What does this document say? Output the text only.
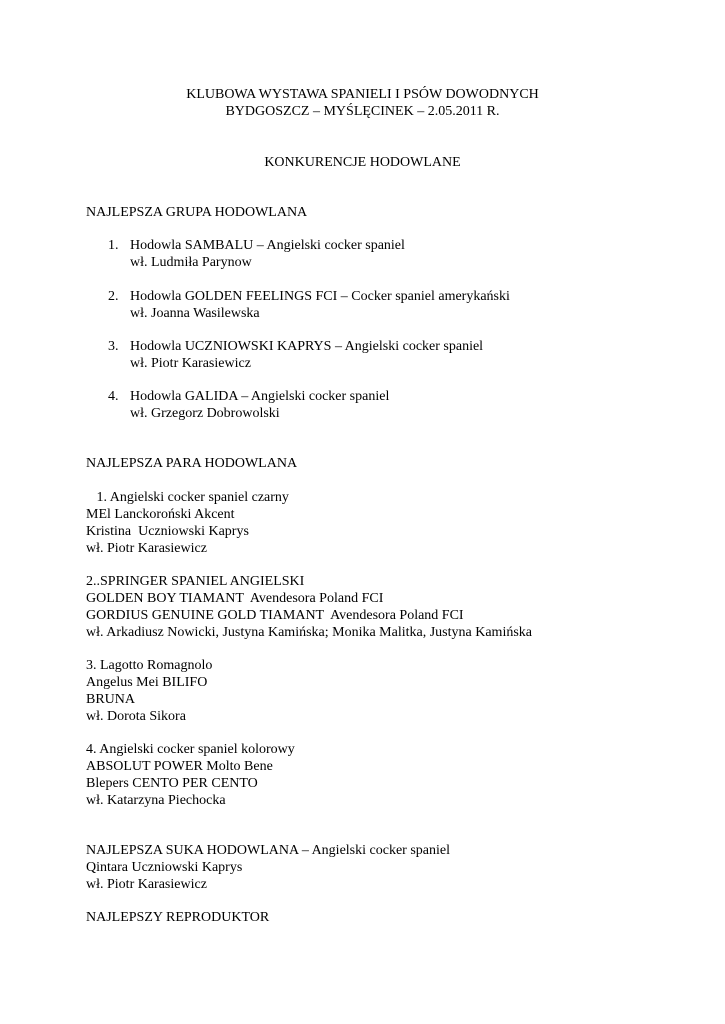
KLUBOWA WYSTAWA SPANIELI I PSÓW DOWODNYCH

BYDGOSZCZ – MYŚLĘCINEK – 2.05.2011 R.

KONKURENCJE HODOWLANE

NAJLEPSZA GRUPA HODOWLANA

1. Hodowla SAMBALU – Angielski cocker spaniel

wł. Ludmiła Parynow

2. Hodowla GOLDEN FEELINGS FCI – Cocker spaniel amerykański

wł. Joanna Wasilewska

3. Hodowla UCZNIOWSKI KAPRYS – Angielski cocker spaniel

wł. Piotr Karasiewicz

4. Hodowla GALIDA – Angielski cocker spaniel

wł. Grzegorz Dobrowolski

NAJLEPSZA PARA HODOWLANA

1. Angielski cocker spaniel czarny

MEl Lanckoroński Akcent

Kristina  Uczniowski Kaprys

wł. Piotr Karasiewicz

2..SPRINGER SPANIEL ANGIELSKI

GOLDEN BOY TIAMANT  Avendesora Poland FCI

GORDIUS GENUINE GOLD TIAMANT  Avendesora Poland FCI

wł. Arkadiusz Nowicki, Justyna Kamińska; Monika Malitka, Justyna Kamińska

3. Lagotto Romagnolo

Angelus Mei BILIFO

BRUNA

wł. Dorota Sikora

4. Angielski cocker spaniel kolorowy

ABSOLUT POWER Molto Bene

Blepers CENTO PER CENTO

wł. Katarzyna Piechocka

NAJLEPSZA SUKA HODOWLANA – Angielski cocker spaniel

Qintara Uczniowski Kaprys

wł. Piotr Karasiewicz

NAJLEPSZY REPRODUKTOR
